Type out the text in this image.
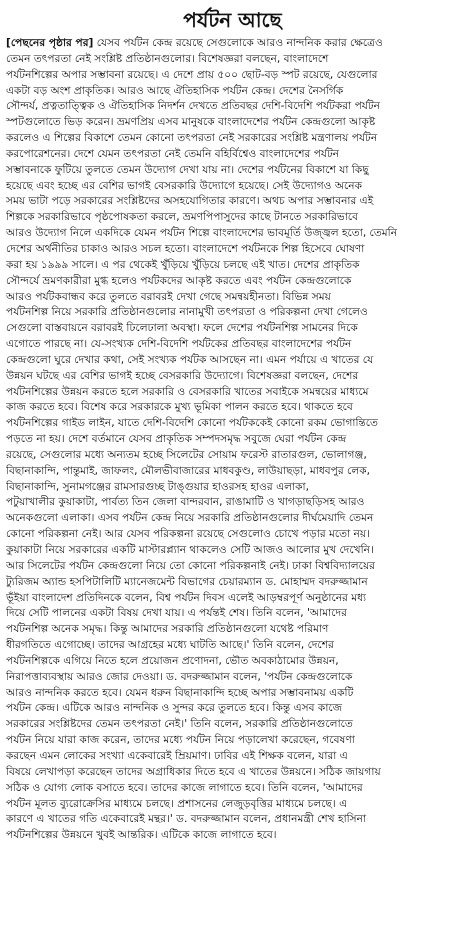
পর্যটন আছে
[পেছনের পৃষ্ঠার পর] যেসব পর্যটন কেন্দ্র রয়েছে সেগুলোকে আরও নান্দনিক করার ক্ষেত্রেও
তেমন তৎপরতা নেই সংশ্লিষ্ট প্রতিষ্ঠানগুলোর। বিশেষজ্ঞরা বলছেন, বাংলাদেশে
পর্যটনশিল্পের অপার সম্ভাবনা রয়েছে। এ দেশে প্রায় ৫০০ ছোট-বড় স্পট রয়েছে, যেগুলোর
একটা বড় অংশ প্রাকৃতিক। আরও আছে ঐতিহাসিক পর্যটন কেন্দ্র। দেশের নৈসর্গিক
সৌন্দর্য, প্রত্নতাত্ত্বিক ও ঐতিহাসিক নিদর্শন দেখতে প্রতিবছর দেশি-বিদেশি পর্যটকরা পর্যটন
স্পটগুলোতে ভিড় করেন। ভ্রমণপ্রিয় এসব মানুষকে বাংলাদেশের পর্যটন কেন্দ্রগুলো আকৃষ্ট
করলেও এ শিল্পের বিকাশে তেমন কোনো তৎপরতা নেই সরকারের সংশ্লিষ্ট মন্ত্রণালয় পর্যটন
করপোরেশনের। দেশে যেমন তৎপরতা নেই তেমনি বহির্বিশ্বেও বাংলাদেশের পর্যটন
সম্ভাবনাকে ফুটিয়ে তুলতে তেমন উদ্যোগ দেখা যায় না। দেশের পর্যটনের বিকাশে যা কিছু
হয়েছে এবং হচ্ছে এর বেশির ভাগই বেসরকারি উদ্যোগে হয়েছে। সেই উদ্যোগও অনেক
সময় ভাটা পড়ে সরকারের সংশ্লিষ্টদের অসহযোগিতার কারণে। অথচ অপার সম্ভাবনার এই
শিল্পকে সরকারিভাবে পৃষ্ঠপোষকতা করলে, ভ্রমণপিপাসুদের কাছে টানতে সরকারিভাবে
আরও উদ্যোগ নিলে একদিকে যেমন পর্যটন শিল্পে বাংলাদেশের ভাবমূর্তি উজ্জ্বল হতো, তেমনি
দেশের অর্থনীতির চাকাও আরও সচল হতো। বাংলাদেশে পর্যটনকে শিল্প হিসেবে ঘোষণা
করা হয় ১৯৯৯ সালে। এ পর থেকেই খুঁড়িয়ে খুঁড়িয়ে চলছে এই খাত। দেশের প্রাকৃতিক
সৌন্দর্যে ভ্রমণকারীরা মুগ্ধ হলেও পর্যটকদের আকৃষ্ট করতে এবং পর্যটন কেন্দ্রগুলোকে
আরও পর্যটকবান্ধব করে তুলতে বরাবরই দেখা গেছে সমন্বয়হীনতা। বিভিন্ন সময়
পর্যটনশিল্প নিয়ে সরকারি প্রতিষ্ঠানগুলোর নানামুখী তৎপরতা ও পরিকল্পনা দেখা গেলেও
সেগুলো বাস্তবায়নে বরাবরই ঢিলেঢালা অবস্থা। ফলে দেশের পর্যটনশিল্প সামনের দিকে
এগোতে পারছে না। যে-সংখ্যক দেশি-বিদেশি পর্যটকের প্রতিবছর বাংলাদেশের পর্যটন
কেন্দ্রগুলো ঘুরে দেখার কথা, সেই সংখ্যক পর্যটক আসছেন না। এমন পর্যায়ে এ খাতের যে
উন্নয়ন ঘটছে এর বেশির ভাগই হচ্ছে বেসরকারি উদ্যোগে। বিশেষজ্ঞরা বলছেন, দেশের
পর্যটনশিল্পের উন্নয়ন করতে হলে সরকারি ও বেসরকারি খাতের সবাইকে সমন্বয়ের মাধ্যমে
কাজ করতে হবে। বিশেষ করে সরকারকে মুখ্য ভূমিকা পালন করতে হবে। থাকতে হবে
পর্যটনশিল্পের গাইড লাইন, যাতে দেশি-বিদেশি কোনো পর্যটককেই কোনো রকম ভোগান্তিতে
পড়তে না হয়। দেশে বর্তমানে যেসব প্রাকৃতিক সম্পদসমৃদ্ধ সবুজে ঘেরা পর্যটন কেন্দ্র
রয়েছে, সেগুলোর মধ্যে অন্যতম হচ্ছে সিলেটের সোয়াম ফরেস্ট রাতারগুল, ভোলাগঞ্জ,
বিছানাকান্দি, পান্তুমাই, জাফলং, মৌলভীবাজারের মাধবকুণ্ড, লাউয়াছড়া, মাধবপুর লেক,
বিছানাকান্দি, সুনামগঞ্জের রামসারগুচ্ছ টাঙ্গুয়ার হাওরসহ হাওর এলাকা,
পটুয়াখালীর কুয়াকাটা, পার্বত্য তিন জেলা বান্দরবান, রাঙামাটি ও খাগড়াছড়িসহ আরও
অনেকগুলো এলাকা। এসব পর্যটন কেন্দ্র নিয়ে সরকারি প্রতিষ্ঠানগুলোর দীর্ঘমেয়াদি তেমন
কোনো পরিকল্পনা নেই। আর যেসব পরিকল্পনা রয়েছে সেগুলোও চোখে পড়ার মতো নয়।
কুয়াকাটা নিয়ে সরকারের একটি মাস্টারপ্ল্যান থাকলেও সেটি আজও আলোর মুখ দেখেনি।
আর সিলেটের পর্যটন কেন্দ্রগুলো নিয়ে তো কোনো পরিকল্পনাই নেই। ঢাকা বিশ্ববিদ্যালয়ের
ট্যুরিজম অ্যান্ড হসপিটালিটি ম্যানেজমেন্ট বিভাগের চেয়ারম্যান ড. মোহাম্মদ বদরুজ্জামান
ভূঁইয়া বাংলাদেশ প্রতিদিনকে বলেন, বিশ্ব পর্যটন দিবস এলেই আড়ম্বরপূর্ণ অনুষ্ঠানের মধ্য
দিয়ে সেটি পালনের একটা বিষয় দেখা যায়। এ পর্যন্তই শেষ। তিনি বলেন, 'আমাদের
পর্যটনশিল্প অনেক সমৃদ্ধ। কিন্তু আমাদের সরকারি প্রতিষ্ঠানগুলো যথেষ্ট পরিমাণ
ধীরগতিতে এগোচ্ছে। তাদের আগ্রহের মধ্যে ঘাটতি আছে।' তিনি বলেন, দেশের
পর্যটনশিল্পকে এগিয়ে নিতে হলে প্রয়োজন প্রণোদনা, ভৌত অবকাঠামোর উন্নয়ন,
নিরাপত্তাব্যবস্থায় আরও জোর দেওয়া। ড. বদরুজ্জামান বলেন, 'পর্যটন কেন্দ্রগুলোকে
আরও নান্দনিক করতে হবে। যেমন ধরুন বিছানাকান্দি হচ্ছে অপার সম্ভাবনাময় একটি
পর্যটন কেন্দ্র। এটিকে আরও নান্দনিক ও সুন্দর করে তুলতে হবে। কিন্তু এসব কাজে
সরকারের সংশ্লিষ্টদের তেমন তৎপরতা নেই।' তিনি বলেন, সরকারি প্রতিষ্ঠানগুলোতে
পর্যটন নিয়ে যারা কাজ করেন, তাদের মধ্যে পর্যটন নিয়ে পড়ালেখা করেছেন, গবেষণা
করছেন এমন লোকের সংখ্যা একেবারেই ম্রিয়মাণ। ঢাবির এই শিক্ষক বলেন, যারা এ
বিষয়ে লেখাপড়া করেছেন তাদের অগ্রাধিকার দিতে হবে এ খাতের উন্নয়নে। সঠিক জায়গায়
সঠিক ও যোগ্য লোক বসাতে হবে। তাদের কাজে লাগাতে হবে। তিনি বলেন, 'আমাদের
পর্যটন মূলত ব্যুরোক্রেসির মাধ্যমে চলছে। প্রশাসনের লেজুড়বৃত্তির মাধ্যমে চলছে। এ
কারণে এ খাতের গতি একেবারেই মন্থর।' ড. বদরুজ্জামান বলেন, প্রধানমন্ত্রী শেখ হাসিনা
পর্যটনশিল্পের উন্নয়নে খুবই আন্তরিক। এটিকে কাজে লাগাতে হবে।
